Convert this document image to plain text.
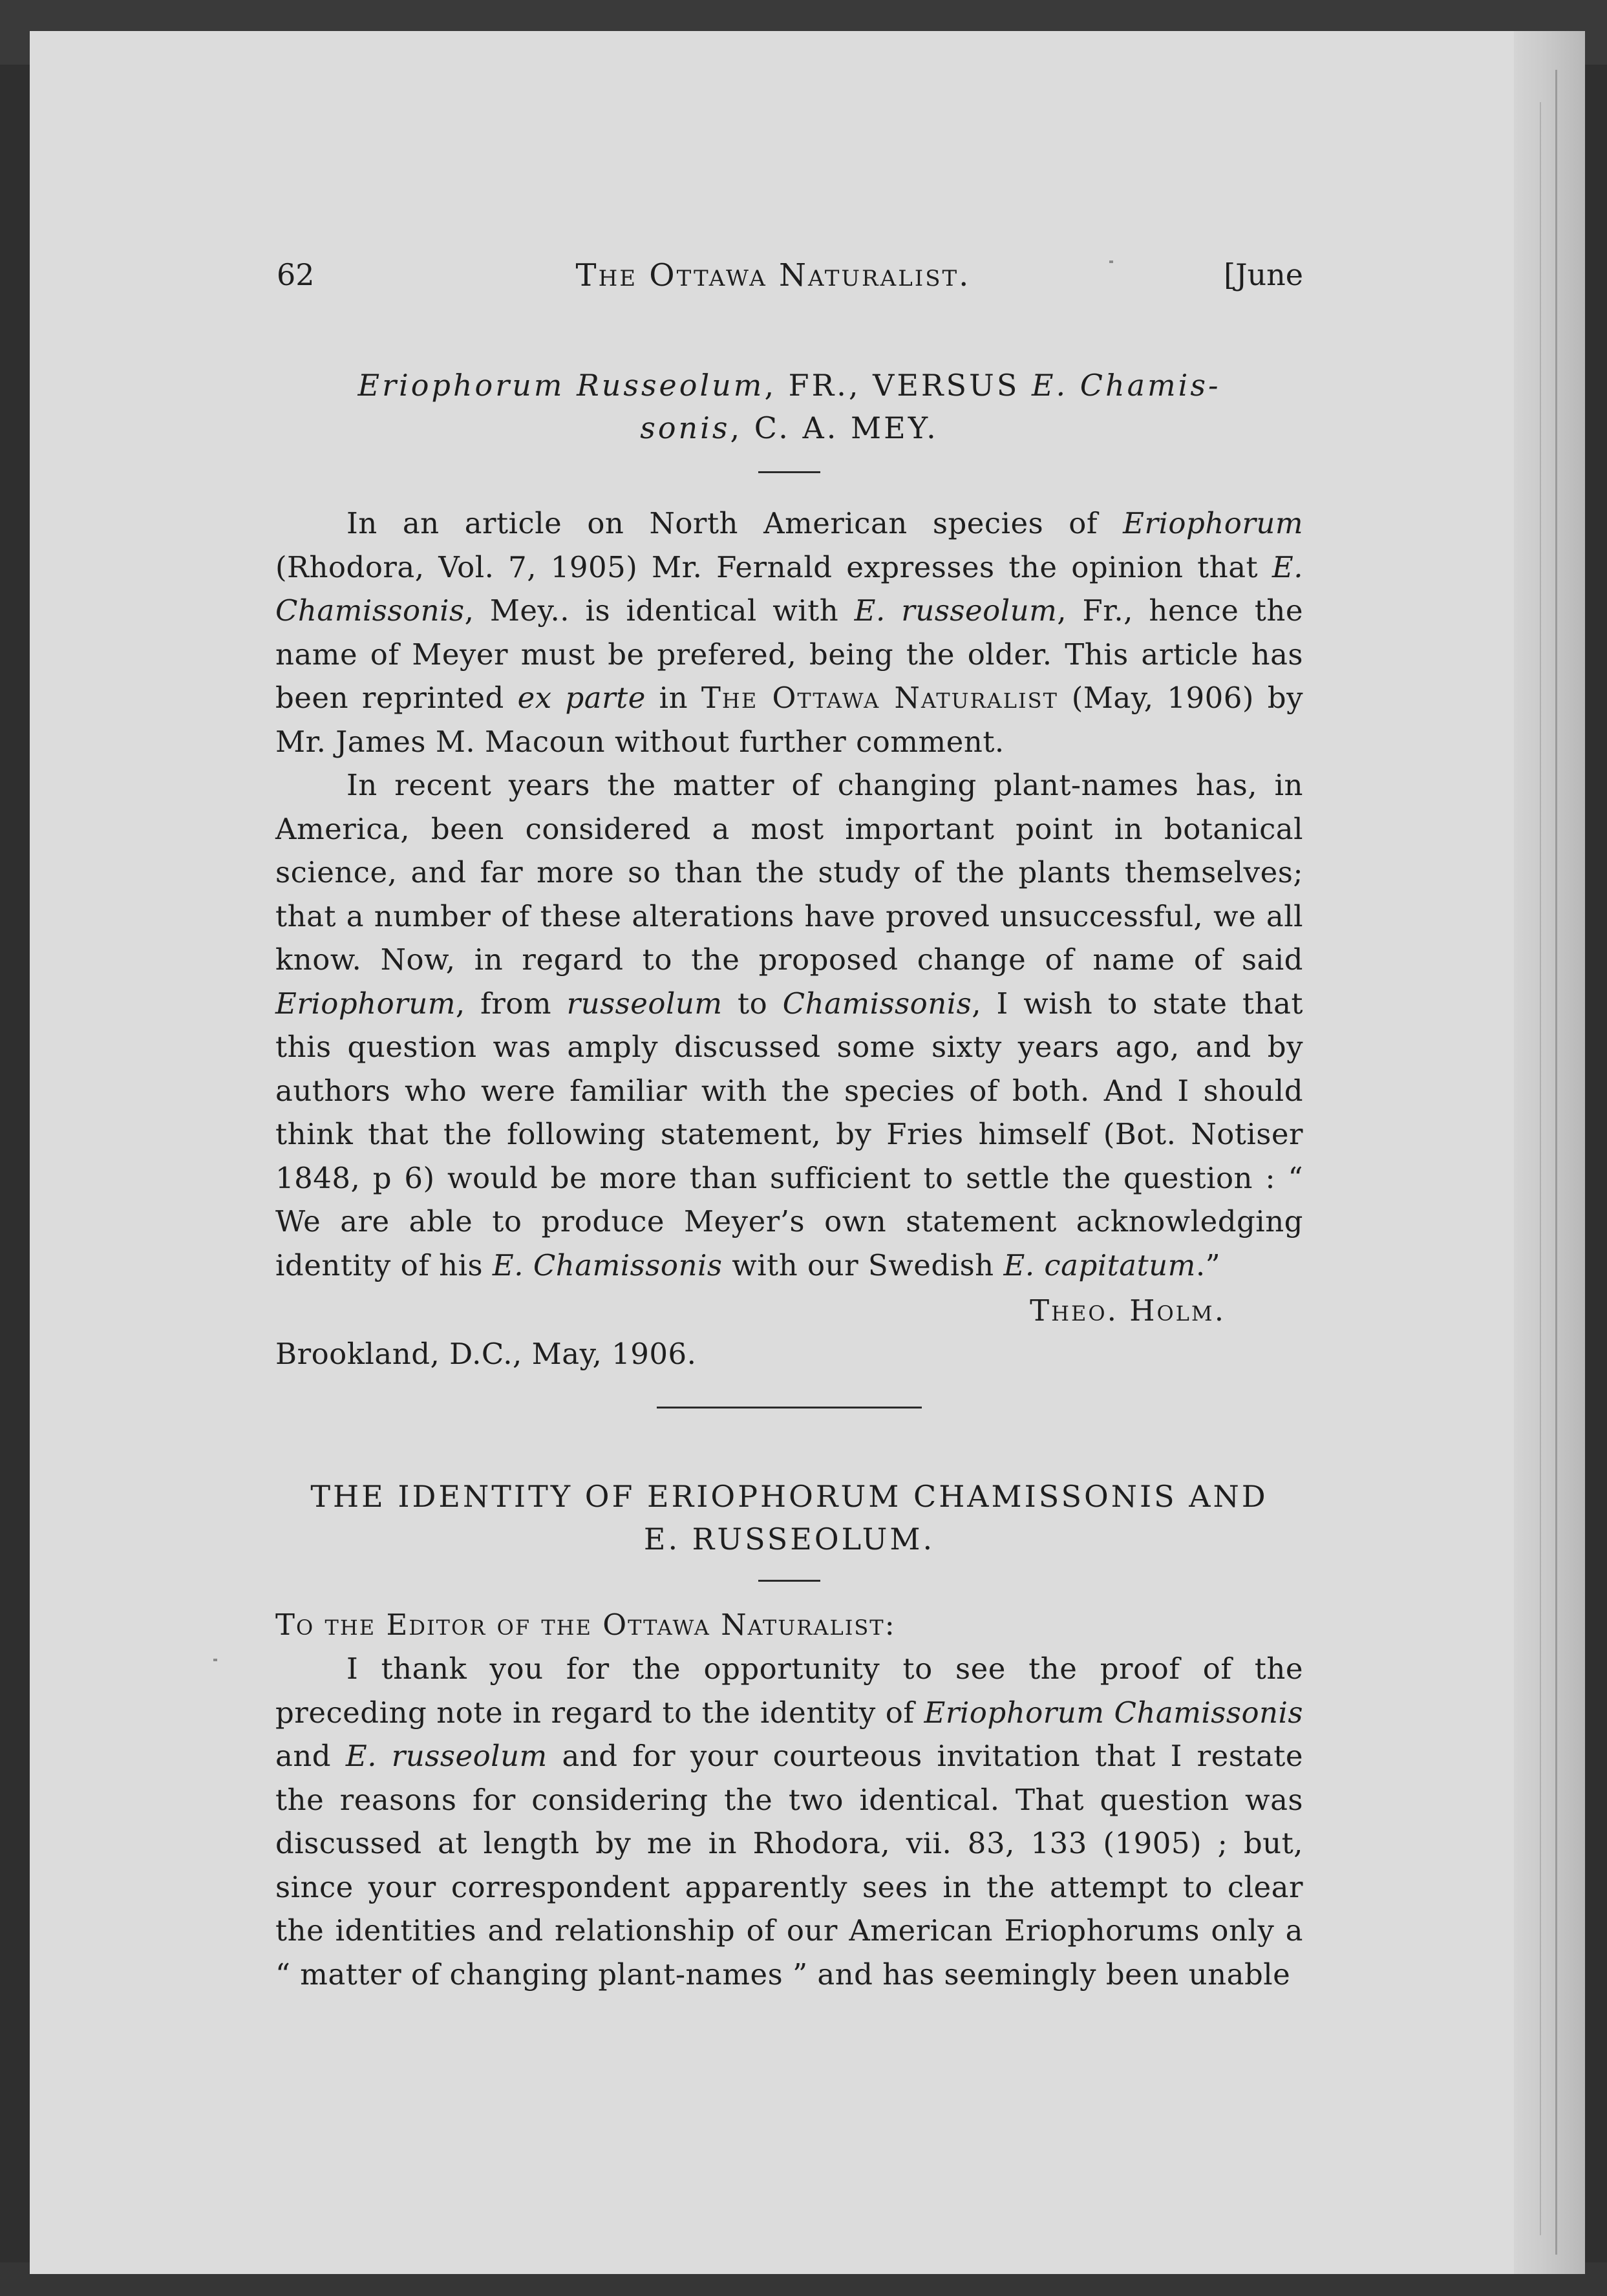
62	The Ottawa Naturalist.	[June
Eriophorum Russeolum, FR., VERSUS E. Chamis-
sonis, C. A. MEY.

In an article on North American species of Eriophorum (Rhodora, Vol. 7, 1905) Mr. Fernald expresses the opinion that E. Chamissonis, Mey.. is identical with E. russeolum, Fr., hence the name of Meyer must be prefered, being the older. This article has been reprinted ex parte in The Ottawa Naturalist (May, 1906) by Mr. James M. Macoun without further comment.

In recent years the matter of changing plant-names has, in America, been considered a most important point in botanical science, and far more so than the study of the plants themselves; that a number of these alterations have proved unsuccessful, we all know. Now, in regard to the proposed change of name of said Eriophorum, from russeolum to Chamissonis, I wish to state that this question was amply discussed some sixty years ago, and by authors who were familiar with the species of both. And I should think that the following statement, by Fries himself (Bot. Notiser 1848, p 6) would be more than sufficient to settle the question : “ We are able to produce Meyer’s own statement acknowledging identity of his E. Chamissonis with our Swedish E. capitatum.”

Theo. Holm.
Brookland, D.C., May, 1906.
THE IDENTITY OF ERIOPHORUM CHAMISSONIS AND
E. RUSSEOLUM.
To the Editor of the Ottawa Naturalist:

I thank you for the opportunity to see the proof of the preceding note in regard to the identity of Eriophorum Chamissonis and E. russeolum and for your courteous invitation that I restate the reasons for considering the two identical. That question was discussed at length by me in Rhodora, vii. 83, 133 (1905) ; but, since your correspondent apparently sees in the attempt to clear the identities and relationship of our American Eriophorums only a “ matter of changing plant-names ” and has seemingly been unable
